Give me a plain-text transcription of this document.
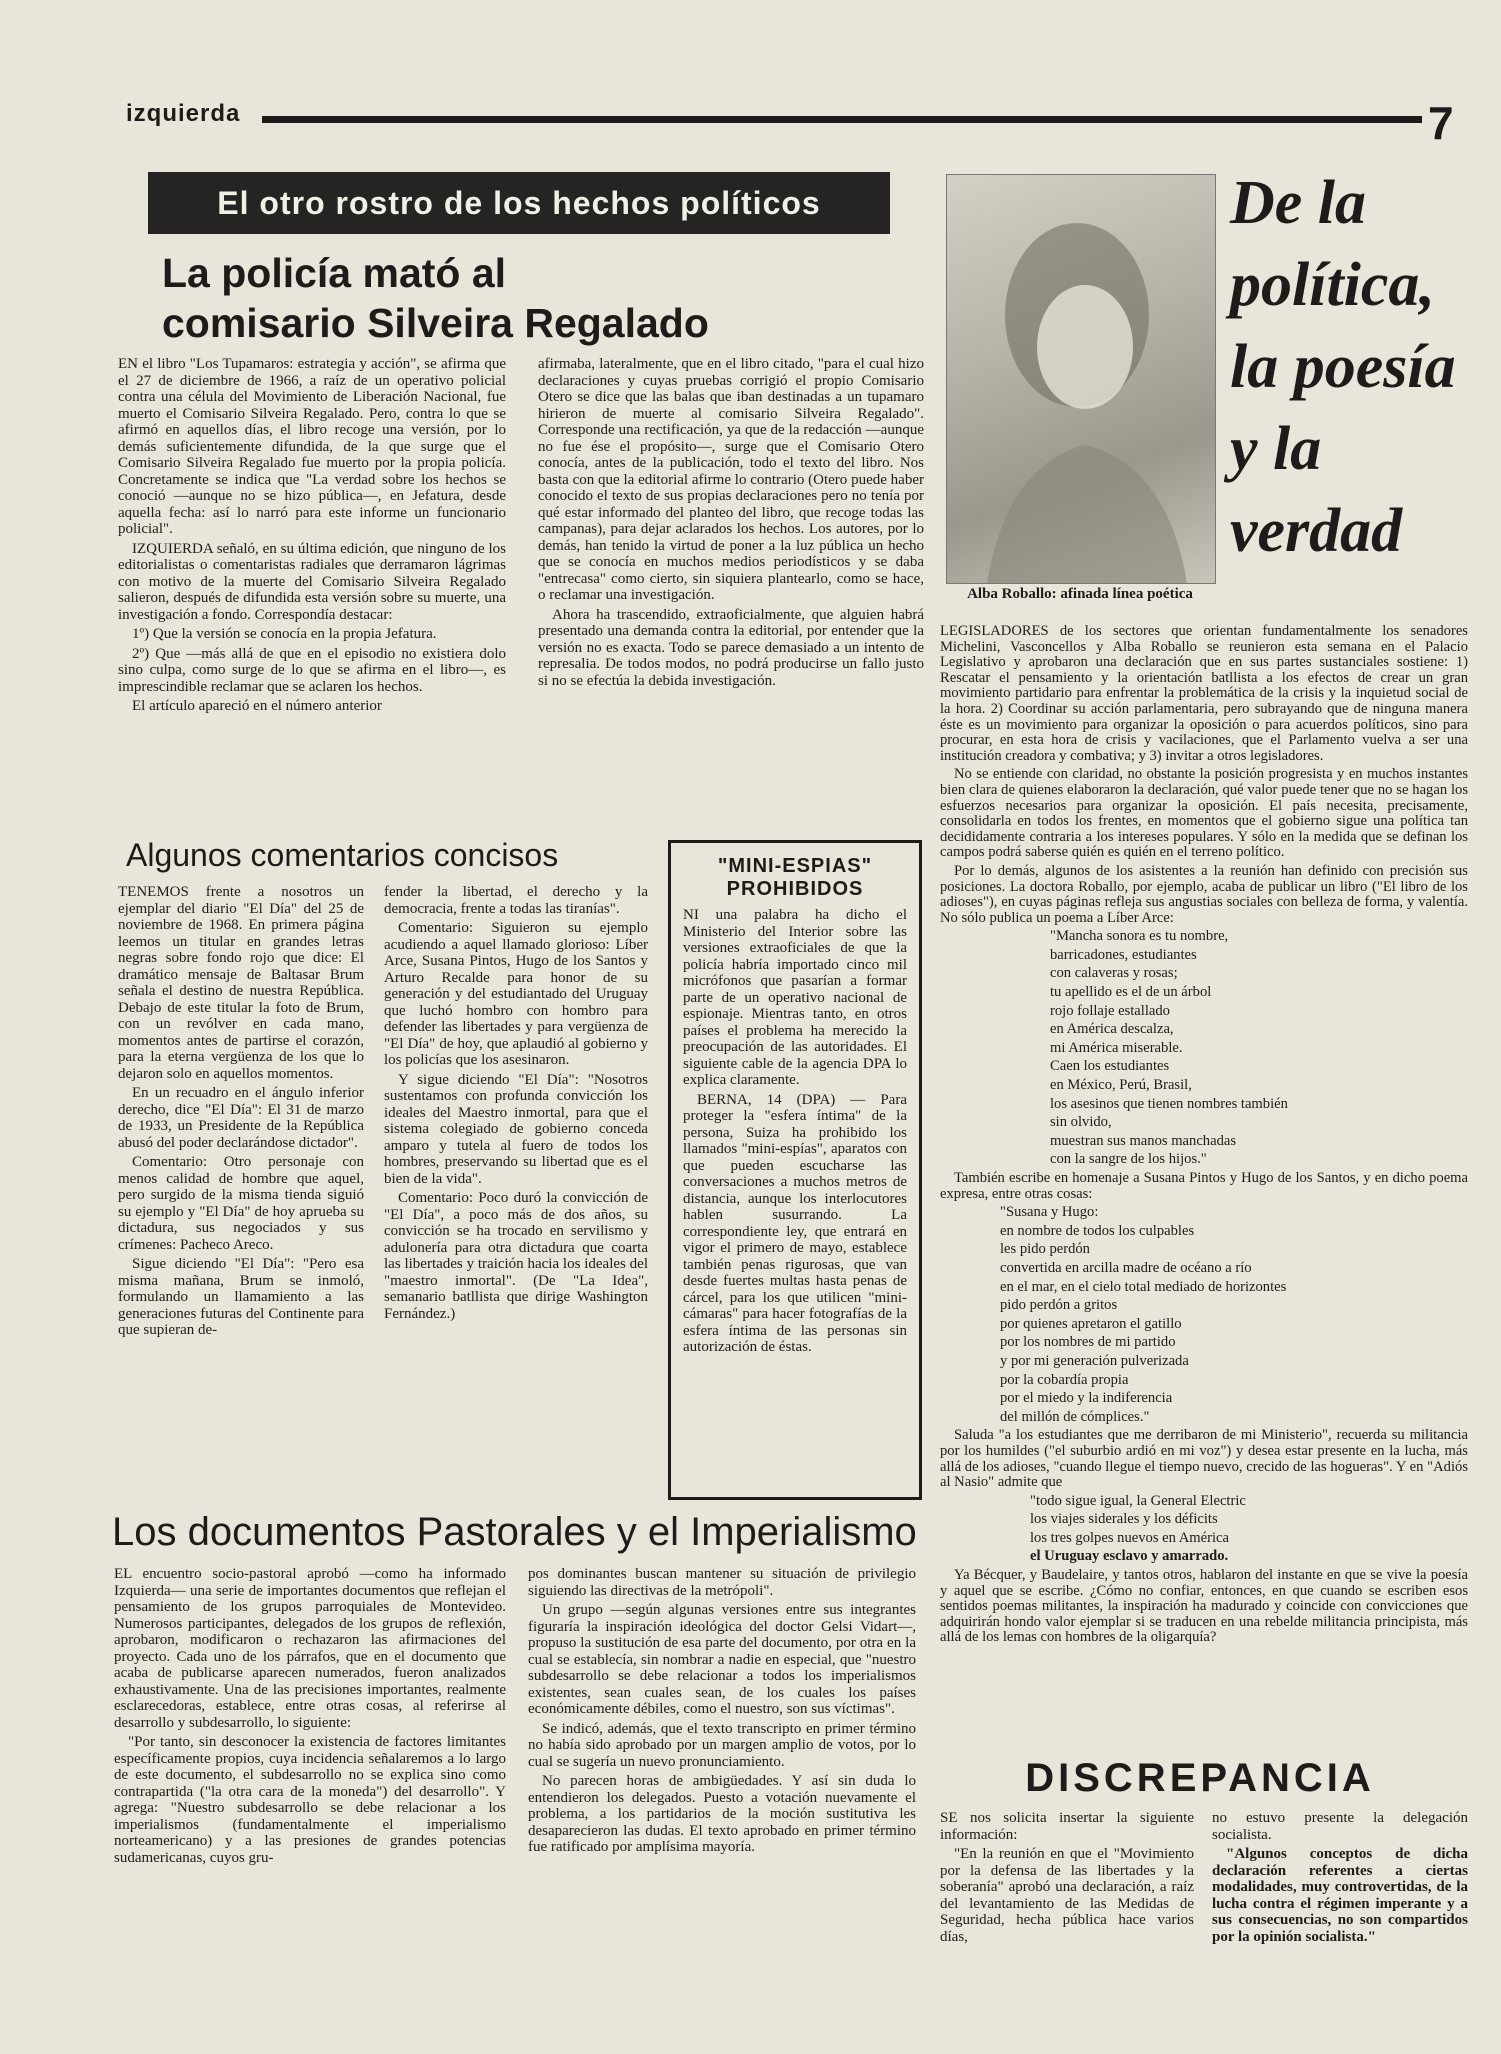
izquierda	7
El otro rostro de los hechos políticos
La policía mató al
comisario Silveira Regalado

EN el libro "Los Tupamaros: estrategia y acción", se afirma que el 27 de diciembre de 1966, a raíz de un operativo policial contra una célula del Movimiento de Liberación Nacional, fue muerto el Comisario Silveira Regalado. Pero, contra lo que se afirmó en aquellos días, el libro recoge una versión, por lo demás suficientemente difundida, de la que surge que el Comisario Silveira Regalado fue muerto por la propia policía. Concretamente se indica que "La verdad sobre los hechos se conoció —aunque no se hizo pública—, en Jefatura, desde aquella fecha: así lo narró para este informe un funcionario policial".

IZQUIERDA señaló, en su última edición, que ninguno de los editorialistas o comentaristas radiales que derramaron lágrimas con motivo de la muerte del Comisario Silveira Regalado salieron, después de difundida esta versión sobre su muerte, una investigación a fondo. Correspondía destacar:

1º) Que la versión se conocía en la propia Jefatura.

2º) Que —más allá de que en el episodio no existiera dolo sino culpa, como surge de lo que se afirma en el libro—, es imprescindible reclamar que se aclaren los hechos.

El artículo apareció en el número anterior

afirmaba, lateralmente, que en el libro citado, "para el cual hizo declaraciones y cuyas pruebas corrigió el propio Comisario Otero se dice que las balas que iban destinadas a un tupamaro hirieron de muerte al comisario Silveira Regalado". Corresponde una rectificación, ya que de la redacción —aunque no fue ése el propósito—, surge que el Comisario Otero conocía, antes de la publicación, todo el texto del libro. Nos basta con que la editorial afirme lo contrario (Otero puede haber conocido el texto de sus propias declaraciones pero no tenía por qué estar informado del planteo del libro, que recoge todas las campanas), para dejar aclarados los hechos. Los autores, por lo demás, han tenido la virtud de poner a la luz pública un hecho que se conocía en muchos medios periodísticos y se daba "entrecasa" como cierto, sin siquiera plantearlo, como se hace, o reclamar una investigación.

Ahora ha trascendido, extraoficialmente, que alguien habrá presentado una demanda contra la editorial, por entender que la versión no es exacta. Todo se parece demasiado a un intento de represalia. De todos modos, no podrá producirse un fallo justo si no se efectúa la debida investigación.

Algunos comentarios concisos

TENEMOS frente a nosotros un ejemplar del diario "El Día" del 25 de noviembre de 1968. En primera página leemos un titular en grandes letras negras sobre fondo rojo que dice: El dramático mensaje de Baltasar Brum señala el destino de nuestra República. Debajo de este titular la foto de Brum, con un revólver en cada mano, momentos antes de partirse el corazón, para la eterna vergüenza de los que lo dejaron solo en aquellos momentos.

En un recuadro en el ángulo inferior derecho, dice "El Día": El 31 de marzo de 1933, un Presidente de la República abusó del poder declarándose dictador".

Comentario: Otro personaje con menos calidad de hombre que aquel, pero surgido de la misma tienda siguió su ejemplo y "El Día" de hoy aprueba su dictadura, sus negociados y sus crímenes: Pacheco Areco.

Sigue diciendo "El Día": "Pero esa misma mañana, Brum se inmoló, formulando un llamamiento a las generaciones futuras del Continente para que supieran de-

fender la libertad, el derecho y la democracia, frente a todas las tiranías".

Comentario: Siguieron su ejemplo acudiendo a aquel llamado glorioso: Líber Arce, Susana Pintos, Hugo de los Santos y Arturo Recalde para honor de su generación y del estudiantado del Uruguay que luchó hombro con hombro para defender las libertades y para vergüenza de "El Día" de hoy, que aplaudió al gobierno y los policías que los asesinaron.

Y sigue diciendo "El Día": "Nosotros sustentamos con profunda convicción los ideales del Maestro inmortal, para que el sistema colegiado de gobierno conceda amparo y tutela al fuero de todos los hombres, preservando su libertad que es el bien de la vida".

Comentario: Poco duró la convicción de "El Día", a poco más de dos años, su convicción se ha trocado en servilismo y adulonería para otra dictadura que coarta las libertades y traición hacia los ideales del "maestro inmortal". (De "La Idea", semanario batllista que dirige Washington Fernández.)

"MINI-ESPIAS"
PROHIBIDOS

NI una palabra ha dicho el Ministerio del Interior sobre las versiones extraoficiales de que la policía habría importado cinco mil micrófonos que pasarían a formar parte de un operativo nacional de espionaje. Mientras tanto, en otros países el problema ha merecido la preocupación de las autoridades. El siguiente cable de la agencia DPA lo explica claramente.

BERNA, 14 (DPA) — Para proteger la "esfera íntima" de la persona, Suiza ha prohibido los llamados "mini-espías", aparatos con que pueden escucharse las conversaciones a muchos metros de distancia, aunque los interlocutores hablen susurrando. La correspondiente ley, que entrará en vigor el primero de mayo, establece también penas rigurosas, que van desde fuertes multas hasta penas de cárcel, para los que utilicen "mini-cámaras" para hacer fotografías de la esfera íntima de las personas sin autorización de éstas.

Los documentos Pastorales y el Imperialismo

EL encuentro socio-pastoral aprobó —como ha informado Izquierda— una serie de importantes documentos que reflejan el pensamiento de los grupos parroquiales de Montevideo. Numerosos participantes, delegados de los grupos de reflexión, aprobaron, modificaron o rechazaron las afirmaciones del proyecto. Cada uno de los párrafos, que en el documento que acaba de publicarse aparecen numerados, fueron analizados exhaustivamente. Una de las precisiones importantes, realmente esclarecedoras, establece, entre otras cosas, al referirse al desarrollo y subdesarrollo, lo siguiente:

"Por tanto, sin desconocer la existencia de factores limitantes específicamente propios, cuya incidencia señalaremos a lo largo de este documento, el subdesarrollo no se explica sino como contrapartida ("la otra cara de la moneda") del desarrollo". Y agrega: "Nuestro subdesarrollo se debe relacionar a los imperialismos (fundamentalmente el imperialismo norteamericano) y a las presiones de grandes potencias sudamericanas, cuyos gru-

pos dominantes buscan mantener su situación de privilegio siguiendo las directivas de la metrópoli".

Un grupo —según algunas versiones entre sus integrantes figuraría la inspiración ideológica del doctor Gelsi Vidart—, propuso la sustitución de esa parte del documento, por otra en la cual se establecía, sin nombrar a nadie en especial, que "nuestro subdesarrollo se debe relacionar a todos los imperialismos existentes, sean cuales sean, de los cuales los países económicamente débiles, como el nuestro, son sus víctimas".

Se indicó, además, que el texto transcripto en primer término no había sido aprobado por un margen amplio de votos, por lo cual se sugería un nuevo pronunciamiento.

No parecen horas de ambigüedades. Y así sin duda lo entendieron los delegados. Puesto a votación nuevamente el problema, a los partidarios de la moción sustitutiva les desaparecieron las dudas. El texto aprobado en primer término fue ratificado por amplísima mayoría.

Alba Roballo: afinada línea poética
De la
política,
la poesía
y la
verdad

LEGISLADORES de los sectores que orientan fundamentalmente los senadores Michelini, Vasconcellos y Alba Roballo se reunieron esta semana en el Palacio Legislativo y aprobaron una declaración que en sus partes sustanciales sostiene: 1) Rescatar el pensamiento y la orientación batllista a los efectos de crear un gran movimiento partidario para enfrentar la problemática de la crisis y la inquietud social de la hora. 2) Coordinar su acción parlamentaria, pero subrayando que de ninguna manera éste es un movimiento para organizar la oposición o para acuerdos políticos, sino para procurar, en esta hora de crisis y vacilaciones, que el Parlamento vuelva a ser una institución creadora y combativa; y 3) invitar a otros legisladores.

No se entiende con claridad, no obstante la posición progresista y en muchos instantes bien clara de quienes elaboraron la declaración, qué valor puede tener que no se hagan los esfuerzos necesarios para organizar la oposición. El país necesita, precisamente, consolidarla en todos los frentes, en momentos que el gobierno sigue una política tan decididamente contraria a los intereses populares. Y sólo en la medida que se definan los campos podrá saberse quién es quién en el terreno político.

Por lo demás, algunos de los asistentes a la reunión han definido con precisión sus posiciones. La doctora Roballo, por ejemplo, acaba de publicar un libro ("El libro de los adioses"), en cuyas páginas refleja sus angustias sociales con belleza de forma, y valentía. No sólo publica un poema a Líber Arce:

"Mancha sonora es tu nombre,

barricadones, estudiantes

con calaveras y rosas;

tu apellido es el de un árbol

rojo follaje estallado

en América descalza,

mi América miserable.

Caen los estudiantes

en México, Perú, Brasil,

los asesinos que tienen nombres también

sin olvido,

muestran sus manos manchadas

con la sangre de los hijos."

También escribe en homenaje a Susana Pintos y Hugo de los Santos, y en dicho poema expresa, entre otras cosas:

"Susana y Hugo:

en nombre de todos los culpables

les pido perdón

convertida en arcilla madre de océano a río

en el mar, en el cielo total mediado de horizontes

pido perdón a gritos

por quienes apretaron el gatillo

por los nombres de mi partido

y por mi generación pulverizada

por la cobardía propia

por el miedo y la indiferencia

del millón de cómplices."

Saluda "a los estudiantes que me derribaron de mi Ministerio", recuerda su militancia por los humildes ("el suburbio ardió en mi voz") y desea estar presente en la lucha, más allá de los adioses, "cuando llegue el tiempo nuevo, crecido de las hogueras". Y en "Adiós al Nasio" admite que

"todo sigue igual, la General Electric

los viajes siderales y los déficits

los tres golpes nuevos en América

el Uruguay esclavo y amarrado.

Ya Bécquer, y Baudelaire, y tantos otros, hablaron del instante en que se vive la poesía y aquel que se escribe. ¿Cómo no confiar, entonces, en que cuando se escriben esos sentidos poemas militantes, la inspiración ha madurado y coincide con convicciones que adquirirán hondo valor ejemplar si se traducen en una rebelde militancia principista, más allá de los lemas con hombres de la oligarquía?

DISCREPANCIA

SE nos solicita insertar la siguiente información:

"En la reunión en que el "Movimiento por la defensa de las libertades y la soberanía" aprobó una declaración, a raíz del levantamiento de las Medidas de Seguridad, hecha pública hace varios días,

no estuvo presente la delegación socialista.

"Algunos conceptos de dicha declaración referentes a ciertas modalidades, muy controvertidas, de la lucha contra el régimen imperante y a sus consecuencias, no son compartidos por la opinión socialista."
